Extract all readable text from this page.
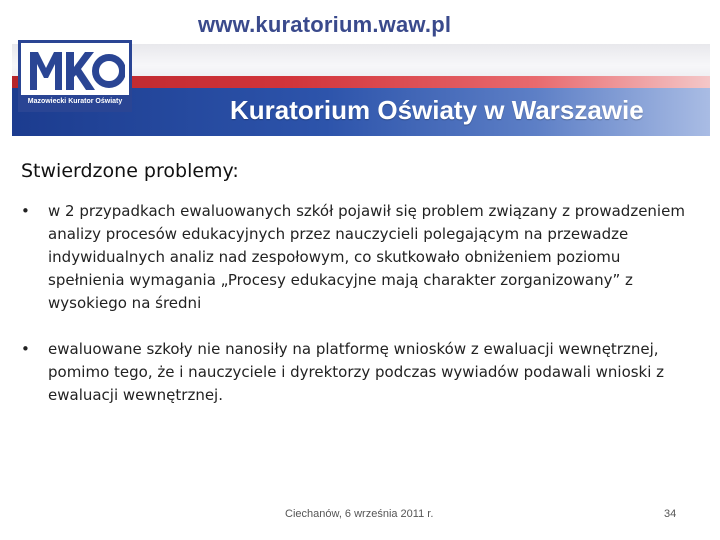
www.kuratorium.waw.pl
Kuratorium Oświaty w Warszawie
Mazowiecki Kurator Oświaty
Stwierdzone problemy:
•	w 2 przypadkach ewaluowanych szkół pojawił się problem związany z prowadzeniem analizy procesów edukacyjnych przez nauczycieli polegającym na przewadze indywidualnych analiz nad zespołowym, co skutkowało obniżeniem poziomu spełnienia wymagania „Procesy edukacyjne mają charakter zorganizowany” z wysokiego na średni
•	ewaluowane szkoły nie nanosiły na platformę wniosków z ewaluacji wewnętrznej, pomimo tego, że i nauczyciele i dyrektorzy podczas wywiadów podawali wnioski z ewaluacji wewnętrznej.
Ciechanów, 6 września 2011 r.	34
